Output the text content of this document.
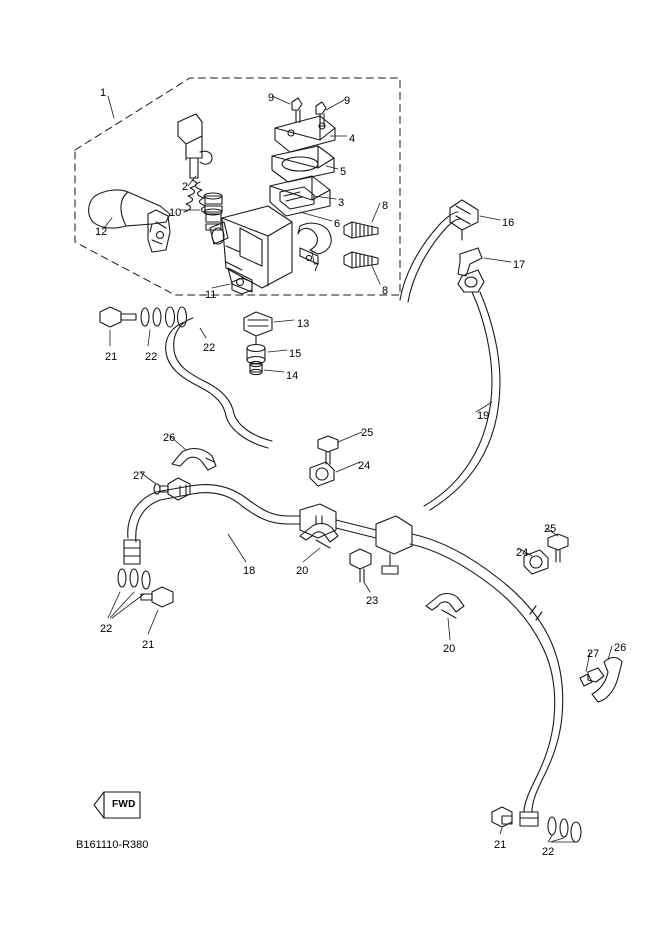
1
2
3
4
5
6
7
8
8
9	9
10
11
12
13
14
15
16
17
18
19
20
20
21
21
21
22
22
22
22
23
24
24
25
25
26
26
27
27
FWD
B161110-R380
